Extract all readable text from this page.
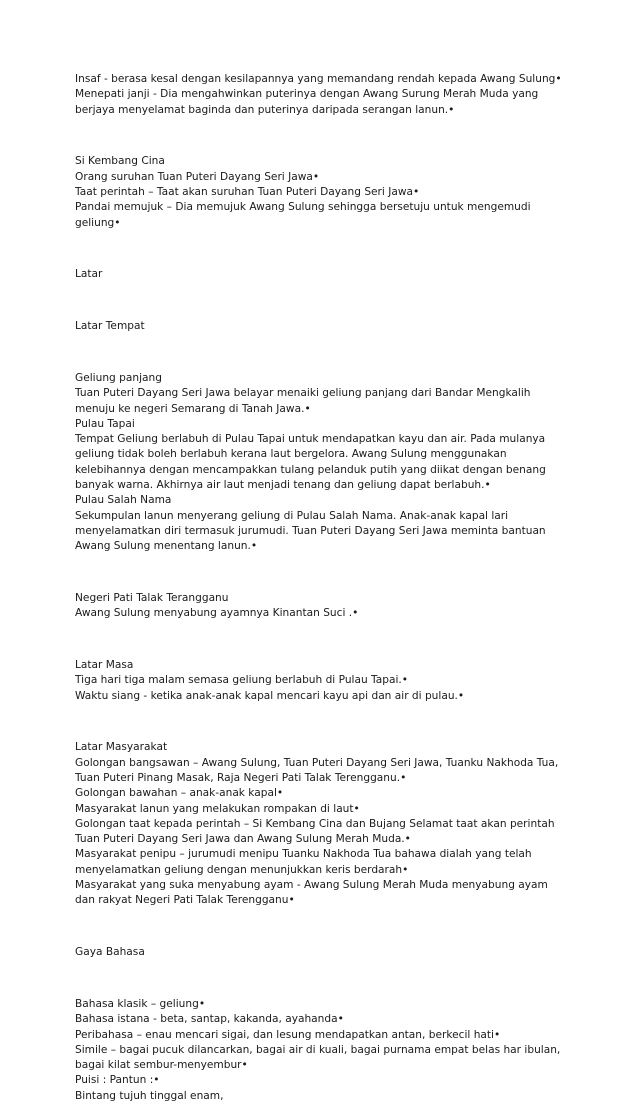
Insaf - berasa kesal dengan kesilapannya yang memandang rendah kepada Awang Sulung•

Menepati janji - Dia mengahwinkan puterinya dengan Awang Surung Merah Muda yang berjaya menyelamat baginda dan puterinya daripada serangan lanun.•

Si Kembang Cina

Orang suruhan Tuan Puteri Dayang Seri Jawa•

Taat perintah – Taat akan suruhan Tuan Puteri Dayang Seri Jawa•

Pandai memujuk – Dia memujuk Awang Sulung sehingga bersetuju untuk mengemudi geliung•

Latar

Latar Tempat

Geliung panjang

Tuan Puteri Dayang Seri Jawa belayar menaiki geliung panjang dari Bandar Mengkalih menuju ke negeri Semarang di Tanah Jawa.•

Pulau Tapai

Tempat Geliung berlabuh di Pulau Tapai untuk mendapatkan kayu dan air. Pada mulanya geliung tidak boleh berlabuh kerana laut bergelora. Awang Sulung menggunakan kelebihannya dengan mencampakkan tulang pelanduk putih yang diikat dengan benang banyak warna. Akhirnya air laut menjadi tenang dan geliung dapat berlabuh.•

Pulau Salah Nama

Sekumpulan lanun menyerang geliung di Pulau Salah Nama. Anak-anak kapal lari menyelamatkan diri termasuk jurumudi. Tuan Puteri Dayang Seri Jawa meminta bantuan Awang Sulung menentang lanun.•

Negeri Pati Talak Terangganu

Awang Sulung menyabung ayamnya Kinantan Suci .•

Latar Masa

Tiga hari tiga malam semasa geliung berlabuh di Pulau Tapai.•

Waktu siang - ketika anak-anak kapal mencari kayu api dan air di pulau.•

Latar Masyarakat

Golongan bangsawan – Awang Sulung, Tuan Puteri Dayang Seri Jawa, Tuanku Nakhoda Tua, Tuan Puteri Pinang Masak, Raja Negeri Pati Talak Terengganu.•

Golongan bawahan – anak-anak kapal•

Masyarakat lanun yang melakukan rompakan di laut•

Golongan taat kepada perintah – Si Kembang Cina dan Bujang Selamat taat akan perintah Tuan Puteri Dayang Seri Jawa dan Awang Sulung Merah Muda.•

Masyarakat penipu – jurumudi menipu Tuanku Nakhoda Tua bahawa dialah yang telah menyelamatkan geliung dengan menunjukkan keris berdarah•

Masyarakat yang suka menyabung ayam - Awang Sulung Merah Muda menyabung ayam dan rakyat Negeri Pati Talak Terengganu•

Gaya Bahasa

Bahasa klasik – geliung•

Bahasa istana - beta, santap, kakanda, ayahanda•

Peribahasa – enau mencari sigai, dan lesung mendapatkan antan, berkecil hati•

Simile – bagai pucuk dilancarkan, bagai air di kuali, bagai purnama empat belas har ibulan, bagai kilat sembur-menyembur•

Puisi : Pantun :•

Bintang tujuh tinggal enam,
